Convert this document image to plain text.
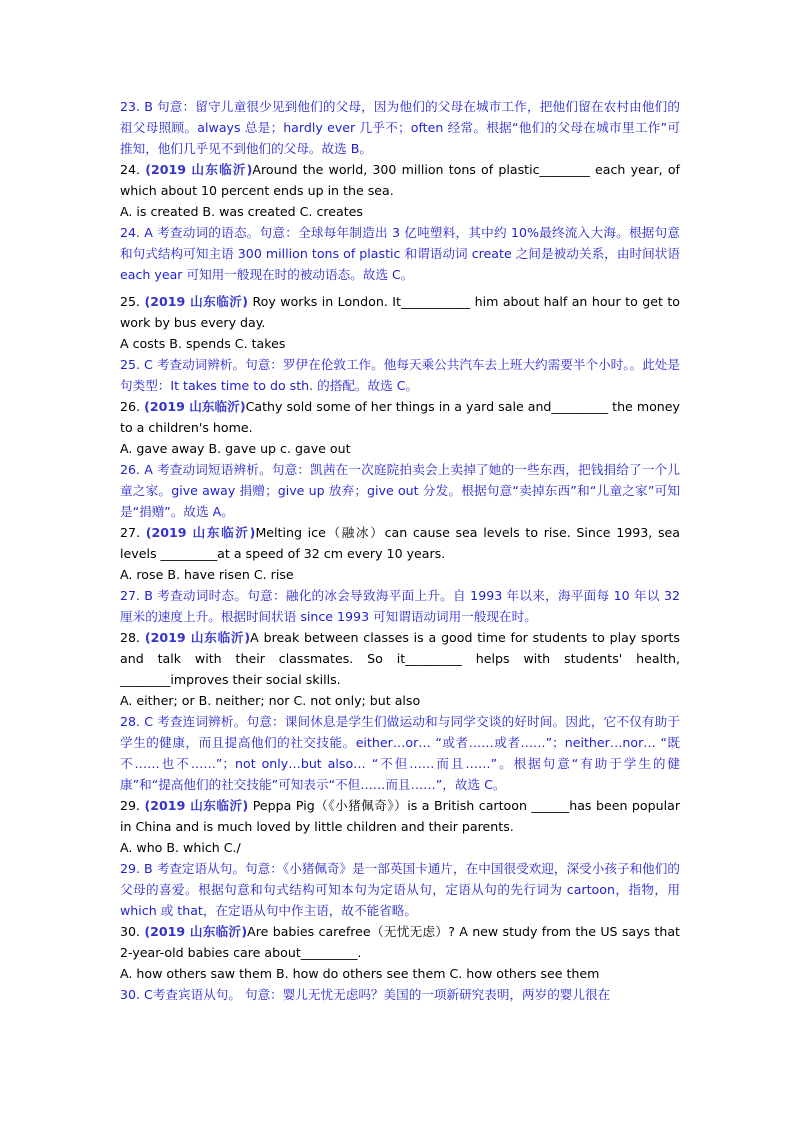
23. B 句意：留守儿童很少见到他们的父母，因为他们的父母在城市工作，把他们留在农村由他们的祖父母照顾。always 总是；hardly ever 几乎不；often 经常。根据“他们的父母在城市里工作”可推知，他们几乎见不到他们的父母。故选 B。

24. (2019 山东临沂)Around the world, 300 million tons of plastic________ each year, of which about 10 percent ends up in the sea.

A. is created B. was created C. creates

24. A 考查动词的语态。句意：全球每年制造出 3 亿吨塑料，其中约 10%最终流入大海。根据句意和句式结构可知主语 300 million tons of plastic 和谓语动词 create 之间是被动关系，由时间状语 each year 可知用一般现在时的被动语态。故选 C。

25. (2019 山东临沂) Roy works in London. It___________ him about half an hour to get to work by bus every day.

A costs B. spends C. takes

25. C 考查动词辨析。句意：罗伊在伦敦工作。他每天乘公共汽车去上班大约需要半个小时。。此处是句类型：It takes time to do sth. 的搭配。故选 C。

26. (2019 山东临沂)Cathy sold some of her things in a yard sale and_________ the money to a children's home.

A. gave away B. gave up c. gave out

26. A 考查动词短语辨析。句意：凯茜在一次庭院拍卖会上卖掉了她的一些东西，把钱捐给了一个儿童之家。give away 捐赠；give up 放弃；give out 分发。根据句意“卖掉东西”和“儿童之家”可知是“捐赠”。故选 A。

27. (2019 山东临沂)Melting ice（融冰）can cause sea levels to rise. Since 1993, sea levels _________at a speed of 32 cm every 10 years.

A. rose B. have risen C. rise

27. B 考查动词时态。句意：融化的冰会导致海平面上升。自 1993 年以来，海平面每 10 年以 32 厘米的速度上升。根据时间状语 since 1993 可知谓语动词用一般现在时。

28. (2019 山东临沂)A break between classes is a good time for students to play sports and talk with their classmates. So it_________ helps with students' health, ________improves their social skills.

A. either; or B. neither; nor C. not only; but also

28. C 考查连词辨析。句意：课间休息是学生们做运动和与同学交谈的好时间。因此，它不仅有助于学生的健康，而且提高他们的社交技能。either…or… “或者……或者……”；neither…nor… “既不……也不……”；not only…but also… “不但……而且……”。根据句意“有助于学生的健康”和“提高他们的社交技能”可知表示“不但……而且……”，故选 C。

29. (2019 山东临沂) Peppa Pig（《小猪佩奇》）is a British cartoon ______has been popular in China and is much loved by little children and their parents.

A. who B. which C./

29. B 考查定语从句。句意：《小猪佩奇》是一部英国卡通片，在中国很受欢迎，深受小孩子和他们的父母的喜爱。根据句意和句式结构可知本句为定语从句，定语从句的先行词为 cartoon，指物，用 which 或 that，在定语从句中作主语，故不能省略。

30. (2019 山东临沂)Are babies carefree（无忧无虑）? A new study from the US says that 2-year-old babies care about_________.

A. how others saw them B. how do others see them C. how others see them

30. C考查宾语从句。 句意：婴儿无忧无虑吗？美国的一项新研究表明，两岁的婴儿很在
